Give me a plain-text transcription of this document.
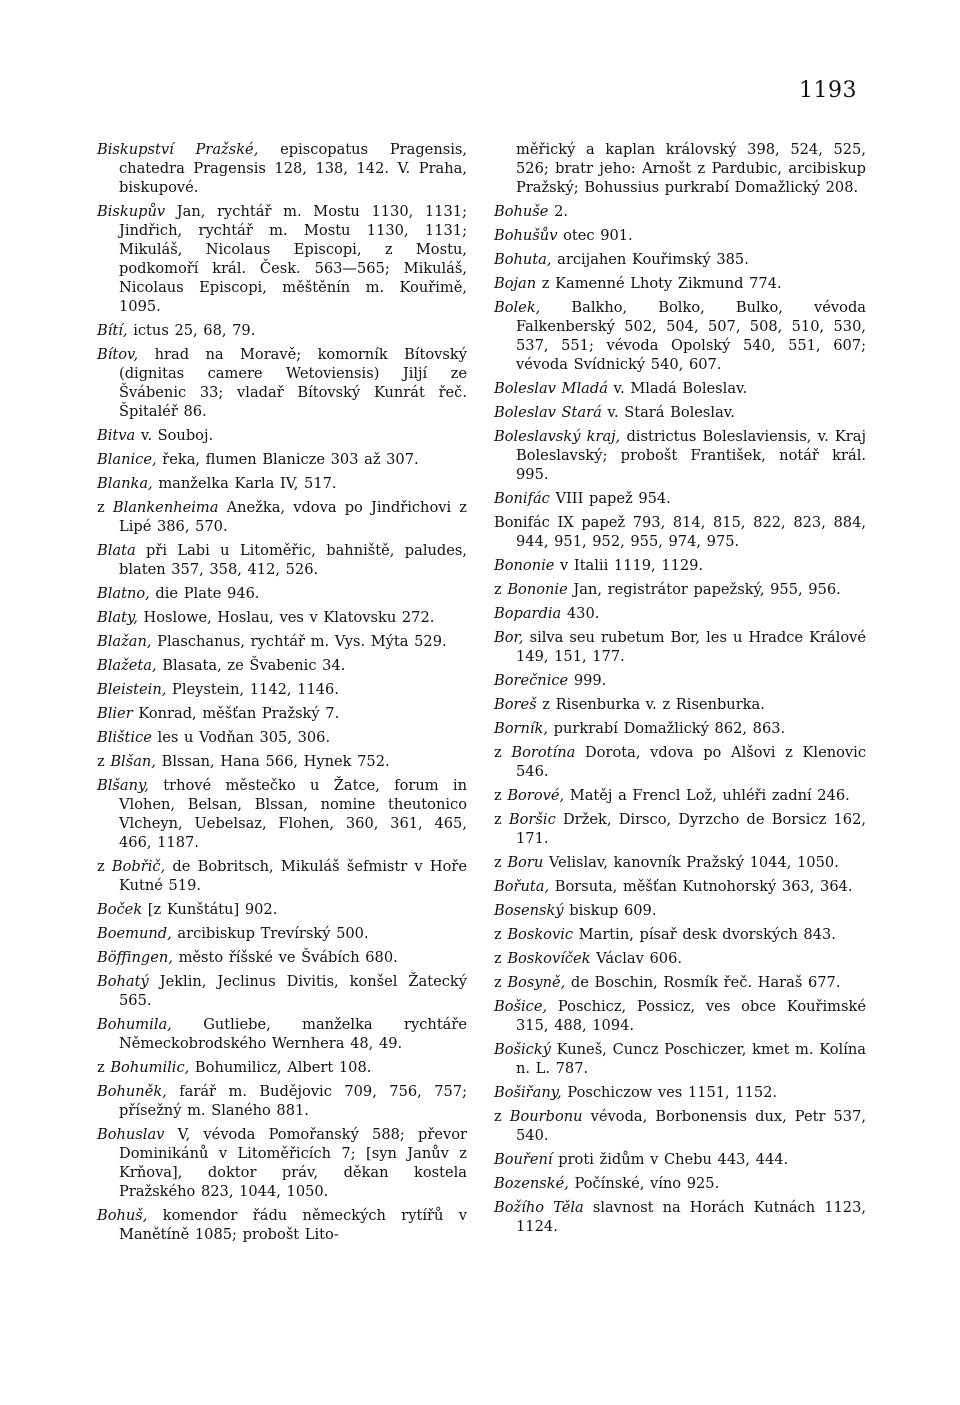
1193

Biskupství Pražské, episcopatus Pragensis, chatedra Pragensis 128, 138, 142. V. Praha, biskupové.

Biskupův Jan, rychtář m. Mostu 1130, 1131; Jindřich, rychtář m. Mostu 1130, 1131; Mikuláš, Nicolaus Episcopi, z Mostu, podkomoří král. Česk. 563—565; Mikuláš, Nicolaus Episcopi, měštěnín m. Kouřimě, 1095.

Bítí, ictus 25, 68, 79.

Bítov, hrad na Moravě; komorník Bítovský (dignitas camere Wetoviensis) Jiljí ze Švábenic 33; vladař Bítovský Kunrát řeč. Špitaléř 86.

Bitva v. Souboj.

Blanice, řeka, flumen Blanicze 303 až 307.

Blanka, manželka Karla IV, 517.

z Blankenheima Anežka, vdova po Jindřichovi z Lipé 386, 570.

Blata při Labi u Litoměřic, bahniště, paludes, blaten 357, 358, 412, 526.

Blatno, die Plate 946.

Blaty, Hoslowe, Hoslau, ves v Klatovsku 272.

Blažan, Plaschanus, rychtář m. Vys. Mýta 529.

Blažeta, Blasata, ze Švabenic 34.

Bleistein, Pleystein, 1142, 1146.

Blier Konrad, měšťan Pražský 7.

Blištice les u Vodňan 305, 306.

z Blšan, Blssan, Hana 566, Hynek 752.

Blšany, trhové městečko u Žatce, forum in Vlohen, Belsan, Blssan, nomine theutonico Vlcheyn, Uebelsaz, Flohen, 360, 361, 465, 466, 1187.

z Bobřič, de Bobritsch, Mikuláš šefmistr v Hoře Kutné 519.

Boček [z Kunštátu] 902.

Boemund, arcibiskup Trevírský 500.

Böffingen, město říšské ve Švábích 680.

Bohatý Jeklin, Jeclinus Divitis, konšel Žatecký 565.

Bohumila, Gutliebe, manželka rychtáře Německobrodského Wernhera 48, 49.

z Bohumilic, Bohumilicz, Albert 108.

Bohuněk, farář m. Budějovic 709, 756, 757; přísežný m. Slaného 881.

Bohuslav V, vévoda Pomořanský 588; převor Dominikánů v Litoměřicích 7; [syn Janův z Krňova], doktor práv, děkan kostela Pražského 823, 1044, 1050.

Bohuš, komendor řádu německých rytířů v Manětíně 1085; probošt Lito-

měřický a kaplan královský 398, 524, 525, 526; bratr jeho: Arnošt z Pardubic, arcibiskup Pražský; Bohussius purkrabí Domažlický 208.

Bohuše 2.

Bohušův otec 901.

Bohuta, arcijahen Kouřimský 385.

Bojan z Kamenné Lhoty Zikmund 774.

Bolek, Balkho, Bolko, Bulko, vévoda Falkenberský 502, 504, 507, 508, 510, 530, 537, 551; vévoda Opolský 540, 551, 607; vévoda Svídnický 540, 607.

Boleslav Mladá v. Mladá Boleslav.

Boleslav Stará v. Stará Boleslav.

Boleslavský kraj, districtus Boleslaviensis, v. Kraj Boleslavský; probošt František, notář král. 995.

Bonifác VIII papež 954.

Bonifác IX papež 793, 814, 815, 822, 823, 884, 944, 951, 952, 955, 974, 975.

Bononie v Italii 1119, 1129.

z Bononie Jan, registrátor papežský, 955, 956.

Bopardia 430.

Bor, silva seu rubetum Bor, les u Hradce Králové 149, 151, 177.

Borečnice 999.

Boreš z Risenburka v. z Risenburka.

Borník, purkrabí Domažlický 862, 863.

z Borotína Dorota, vdova po Alšovi z Klenovic 546.

z Borové, Matěj a Frencl Lož, uhléři zadní 246.

z Boršic Držek, Dirsco, Dyrzcho de Borsicz 162, 171.

z Boru Velislav, kanovník Pražský 1044, 1050.

Bořuta, Borsuta, měšťan Kutnohorský 363, 364.

Bosenský biskup 609.

z Boskovic Martin, písař desk dvorských 843.

z Boskovíček Václav 606.

z Bosyně, de Boschin, Rosmík řeč. Haraš 677.

Bošice, Poschicz, Possicz, ves obce Kouřimské 315, 488, 1094.

Bošický Kuneš, Cuncz Poschiczer, kmet m. Kolína n. L. 787.

Bošiřany, Poschiczow ves 1151, 1152.

z Bourbonu vévoda, Borbonensis dux, Petr 537, 540.

Bouření proti židům v Chebu 443, 444.

Bozenské, Počínské, víno 925.

Božího Těla slavnost na Horách Kutnách 1123, 1124.
